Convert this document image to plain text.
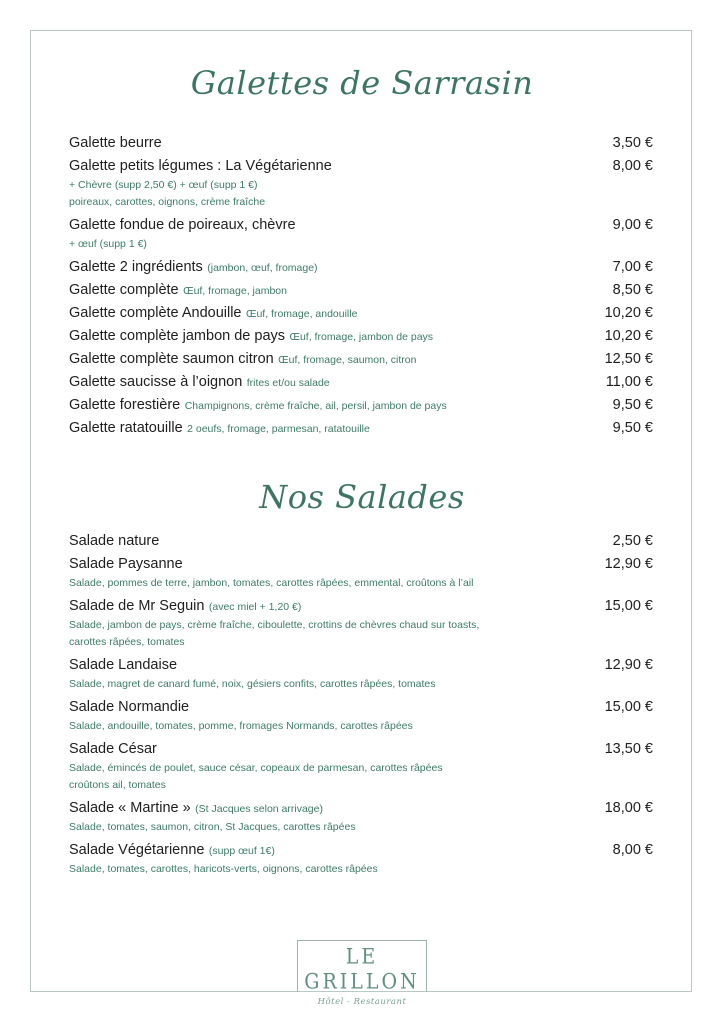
Galettes de Sarrasin
Galette beurre	3,50 €
Galette petits légumes : La Végétarienne	8,00 €
+ Chèvre (supp 2,50 €) + œuf (supp 1 €)
poireaux, carottes, oignons, crème fraîche
Galette fondue de poireaux, chèvre	9,00 €
+ œuf (supp 1 €)
Galette 2 ingrédients (jambon, œuf, fromage)	7,00 €
Galette complète Œuf, fromage, jambon	8,50 €
Galette complète Andouille Œuf, fromage, andouille	10,20 €
Galette complète jambon de pays Œuf, fromage, jambon de pays	10,20 €
Galette complète saumon citron Œuf, fromage, saumon, citron	12,50 €
Galette saucisse à l’oignon frites et/ou salade	11,00 €
Galette forestière Champignons, crème fraîche, ail, persil, jambon de pays	9,50 €
Galette ratatouille 2 oeufs, fromage, parmesan, ratatouille	9,50 €
Nos Salades
Salade nature	2,50 €
Salade Paysanne	12,90 €
Salade, pommes de terre, jambon, tomates, carottes râpées, emmental, croûtons à l’ail
Salade de Mr Seguin (avec miel + 1,20 €)	15,00 €
Salade, jambon de pays, crème fraîche, ciboulette, crottins de chèvres chaud sur toasts,
carottes râpées, tomates
Salade Landaise	12,90 €
Salade, magret de canard fumé, noix, gésiers confits, carottes râpées, tomates
Salade Normandie	15,00 €
Salade, andouille, tomates, pomme, fromages Normands, carottes râpées
Salade César	13,50 €
Salade, émincés de poulet, sauce césar, copeaux de parmesan, carottes râpées
croûtons ail, tomates
Salade « Martine » (St Jacques selon arrivage)	18,00 €
Salade, tomates, saumon, citron, St Jacques, carottes râpées
Salade Végétarienne (supp œuf 1€)	8,00 €
Salade, tomates, carottes, haricots-verts, oignons, carottes râpées
LE GRILLON
Hôtel - Restaurant
